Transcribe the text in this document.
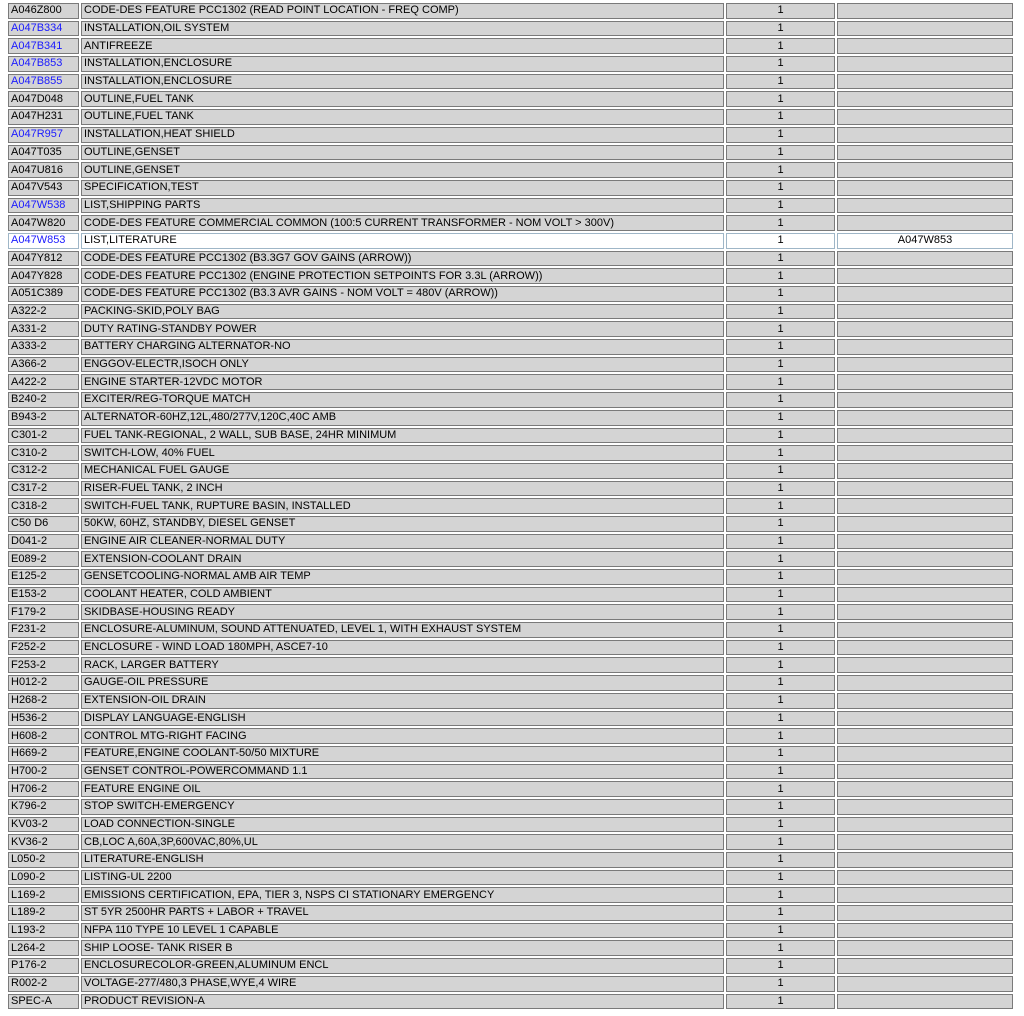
A046Z800	CODE-DES FEATURE PCC1302 (READ POINT LOCATION - FREQ COMP)	1	
A047B334	INSTALLATION,OIL SYSTEM	1	
A047B341	ANTIFREEZE	1	
A047B853	INSTALLATION,ENCLOSURE	1	
A047B855	INSTALLATION,ENCLOSURE	1	
A047D048	OUTLINE,FUEL TANK	1	
A047H231	OUTLINE,FUEL TANK	1	
A047R957	INSTALLATION,HEAT SHIELD	1	
A047T035	OUTLINE,GENSET	1	
A047U816	OUTLINE,GENSET	1	
A047V543	SPECIFICATION,TEST	1	
A047W538	LIST,SHIPPING PARTS	1	
A047W820	CODE-DES FEATURE COMMERCIAL COMMON (100:5 CURRENT TRANSFORMER - NOM VOLT > 300V)	1	
A047W853	LIST,LITERATURE	1	A047W853
A047Y812	CODE-DES FEATURE PCC1302 (B3.3G7 GOV GAINS (ARROW))	1	
A047Y828	CODE-DES FEATURE PCC1302 (ENGINE PROTECTION SETPOINTS FOR 3.3L (ARROW))	1	
A051C389	CODE-DES FEATURE PCC1302 (B3.3 AVR GAINS - NOM VOLT = 480V (ARROW))	1	
A322-2	PACKING-SKID,POLY BAG	1	
A331-2	DUTY RATING-STANDBY POWER	1	
A333-2	BATTERY CHARGING ALTERNATOR-NO	1	
A366-2	ENGGOV-ELECTR,ISOCH ONLY	1	
A422-2	ENGINE STARTER-12VDC MOTOR	1	
B240-2	EXCITER/REG-TORQUE MATCH	1	
B943-2	ALTERNATOR-60HZ,12L,480/277V,120C,40C AMB	1	
C301-2	FUEL TANK-REGIONAL, 2 WALL, SUB BASE, 24HR MINIMUM	1	
C310-2	SWITCH-LOW, 40% FUEL	1	
C312-2	MECHANICAL FUEL GAUGE	1	
C317-2	RISER-FUEL TANK, 2 INCH	1	
C318-2	SWITCH-FUEL TANK, RUPTURE BASIN, INSTALLED	1	
C50 D6	50KW, 60HZ, STANDBY, DIESEL GENSET	1	
D041-2	ENGINE AIR CLEANER-NORMAL DUTY	1	
E089-2	EXTENSION-COOLANT DRAIN	1	
E125-2	GENSETCOOLING-NORMAL AMB AIR TEMP	1	
E153-2	COOLANT HEATER, COLD AMBIENT	1	
F179-2	SKIDBASE-HOUSING READY	1	
F231-2	ENCLOSURE-ALUMINUM, SOUND ATTENUATED, LEVEL 1, WITH EXHAUST SYSTEM	1	
F252-2	ENCLOSURE - WIND LOAD 180MPH, ASCE7-10	1	
F253-2	RACK, LARGER BATTERY	1	
H012-2	GAUGE-OIL PRESSURE	1	
H268-2	EXTENSION-OIL DRAIN	1	
H536-2	DISPLAY LANGUAGE-ENGLISH	1	
H608-2	CONTROL MTG-RIGHT FACING	1	
H669-2	FEATURE,ENGINE COOLANT-50/50 MIXTURE	1	
H700-2	GENSET CONTROL-POWERCOMMAND 1.1	1	
H706-2	FEATURE ENGINE OIL	1	
K796-2	STOP SWITCH-EMERGENCY	1	
KV03-2	LOAD CONNECTION-SINGLE	1	
KV36-2	CB,LOC A,60A,3P,600VAC,80%,UL	1	
L050-2	LITERATURE-ENGLISH	1	
L090-2	LISTING-UL 2200	1	
L169-2	EMISSIONS CERTIFICATION, EPA, TIER 3, NSPS CI STATIONARY EMERGENCY	1	
L189-2	ST 5YR 2500HR PARTS + LABOR + TRAVEL	1	
L193-2	NFPA 110 TYPE 10 LEVEL 1 CAPABLE	1	
L264-2	SHIP LOOSE- TANK RISER B	1	
P176-2	ENCLOSURECOLOR-GREEN,ALUMINUM ENCL	1	
R002-2	VOLTAGE-277/480,3 PHASE,WYE,4 WIRE	1	
SPEC-A	PRODUCT REVISION-A	1	
